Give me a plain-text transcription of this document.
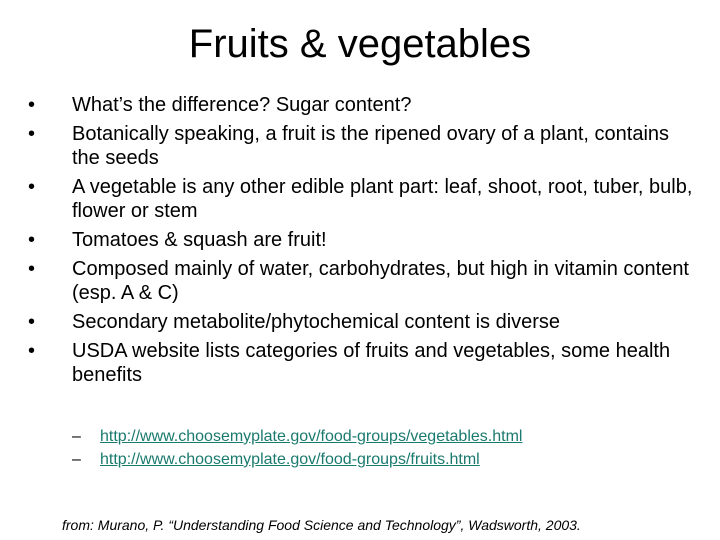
Fruits & vegetables
•	What’s the difference? Sugar content?
•	Botanically speaking, a fruit is the ripened ovary of a plant, contains the seeds
•	A vegetable is any other edible plant part: leaf, shoot, root, tuber, bulb, flower or stem
•	Tomatoes & squash are fruit!
•	Composed mainly of water, carbohydrates, but high in vitamin content (esp. A & C)
•	Secondary metabolite/phytochemical content is diverse
•	USDA website lists categories of fruits and vegetables, some health benefits
– http://www.choosemyplate.gov/food-groups/vegetables.html
– http://www.choosemyplate.gov/food-groups/fruits.html
from: Murano, P. “Understanding Food Science and Technology”, Wadsworth, 2003.
